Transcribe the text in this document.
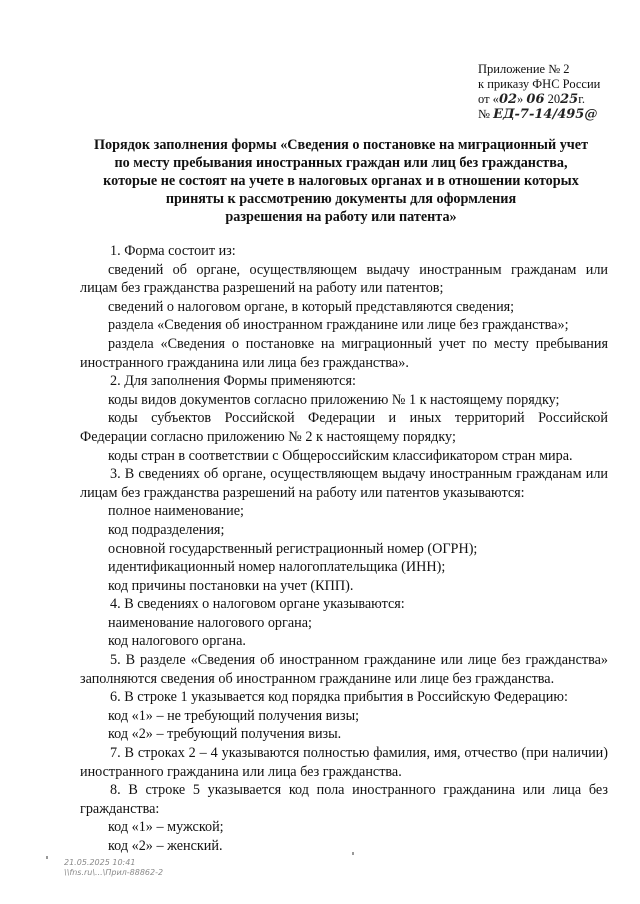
Приложение № 2
к приказу ФНС России
от «02» 06 2025г.
№ ЕД-7-14/495@
Порядок заполнения формы «Сведения о постановке на миграционный учет
по месту пребывания иностранных граждан или лиц без гражданства,
которые не состоят на учете в налоговых органах и в отношении которых
приняты к рассмотрению документы для оформления
разрешения на работу или патента»

1. Форма состоит из:

сведений об органе, осуществляющем выдачу иностранным гражданам или лицам без гражданства разрешений на работу или патентов;

сведений о налоговом органе, в который представляются сведения;

раздела «Сведения об иностранном гражданине или лице без гражданства»;

раздела «Сведения о постановке на миграционный учет по месту пребывания иностранного гражданина или лица без гражданства».

2. Для заполнения Формы применяются:

коды видов документов согласно приложению № 1 к настоящему порядку;

коды субъектов Российской Федерации и иных территорий Российской Федерации согласно приложению № 2 к настоящему порядку;

коды стран в соответствии с Общероссийским классификатором стран мира.

3. В сведениях об органе, осуществляющем выдачу иностранным гражданам или лицам без гражданства разрешений на работу или патентов указываются:

полное наименование;

код подразделения;

основной государственный регистрационный номер (ОГРН);

идентификационный номер налогоплательщика (ИНН);

код причины постановки на учет (КПП).

4. В сведениях о налоговом органе указываются:

наименование налогового органа;

код налогового органа.

5. В разделе «Сведения об иностранном гражданине или лице без гражданства» заполняются сведения об иностранном гражданине или лице без гражданства.

6. В строке 1 указывается код порядка прибытия в Российскую Федерацию:

код «1» – не требующий получения визы;

код «2» – требующий получения визы.

7. В строках 2 – 4 указываются полностью фамилия, имя, отчество (при наличии) иностранного гражданина или лица без гражданства.

8. В строке 5 указывается код пола иностранного гражданина или лица без гражданства:

код «1» – мужской;

код «2» – женский.

21.05.2025 10:41
\\fns.ru\...\Прил-88862-2
